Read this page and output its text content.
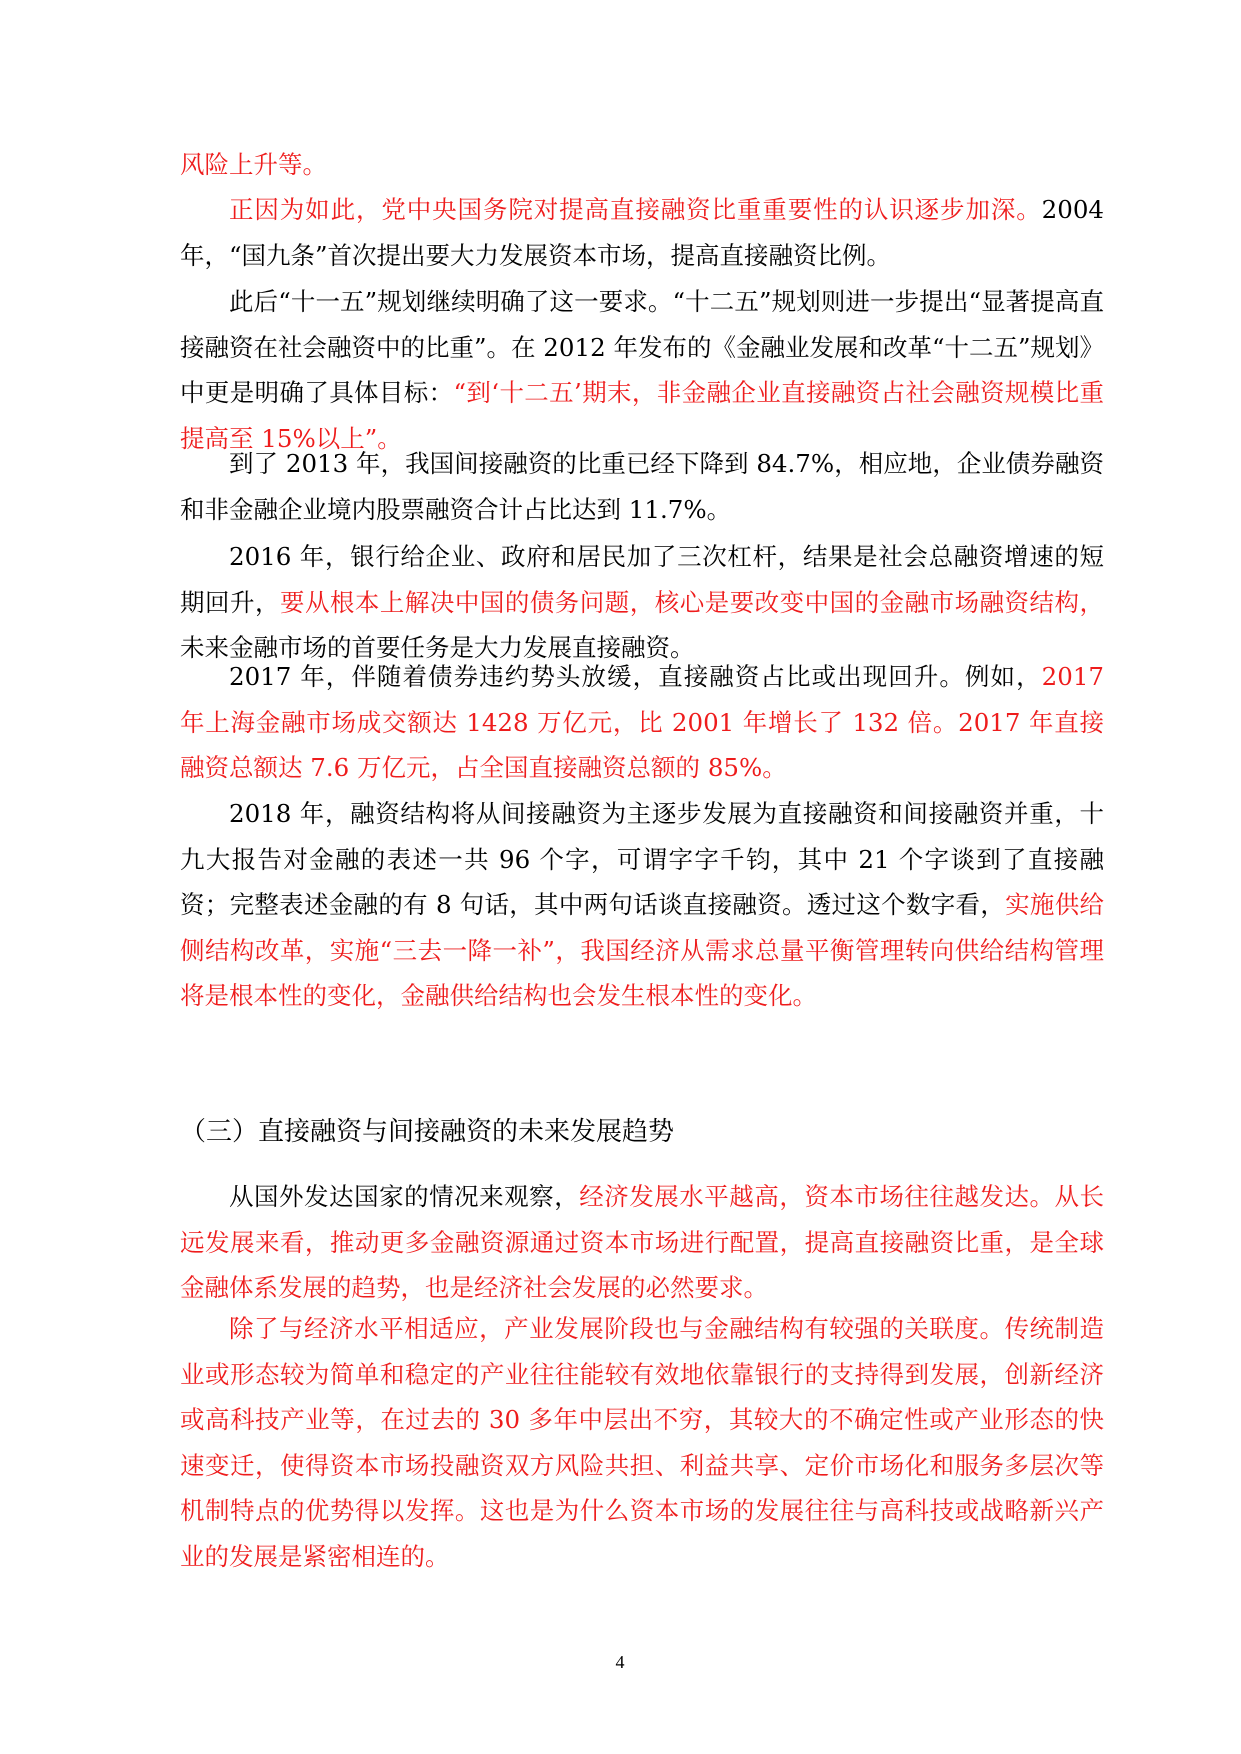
风险上升等。

正因为如此，党中央国务院对提高直接融资比重重要性的认识逐步加深。2004 年，“国九条”首次提出要大力发展资本市场，提高直接融资比例。

此后“十一五”规划继续明确了这一要求。“十二五”规划则进一步提出“显著提高直接融资在社会融资中的比重”。在 2012 年发布的《金融业发展和改革“十二五”规划》中更是明确了具体目标：“到‘十二五’期末，非金融企业直接融资占社会融资规模比重提高至 15%以上”。

到了 2013 年，我国间接融资的比重已经下降到 84.7%，相应地，企业债券融资和非金融企业境内股票融资合计占比达到 11.7%。

2016 年，银行给企业、政府和居民加了三次杠杆，结果是社会总融资增速的短期回升，要从根本上解决中国的债务问题，核心是要改变中国的金融市场融资结构，未来金融市场的首要任务是大力发展直接融资。

2017 年，伴随着债券违约势头放缓，直接融资占比或出现回升。例如，2017 年上海金融市场成交额达 1428 万亿元，比 2001 年增长了 132 倍。2017 年直接融资总额达 7.6 万亿元，占全国直接融资总额的 85%。

2018 年，融资结构将从间接融资为主逐步发展为直接融资和间接融资并重，十九大报告对金融的表述一共 96 个字，可谓字字千钧，其中 21 个字谈到了直接融资；完整表述金融的有 8 句话，其中两句话谈直接融资。透过这个数字看，实施供给侧结构改革，实施“三去一降一补”，我国经济从需求总量平衡管理转向供给结构管理将是根本性的变化，金融供给结构也会发生根本性的变化。

（三）直接融资与间接融资的未来发展趋势

从国外发达国家的情况来观察，经济发展水平越高，资本市场往往越发达。从长远发展来看，推动更多金融资源通过资本市场进行配置，提高直接融资比重，是全球金融体系发展的趋势，也是经济社会发展的必然要求。

除了与经济水平相适应，产业发展阶段也与金融结构有较强的关联度。传统制造业或形态较为简单和稳定的产业往往能较有效地依靠银行的支持得到发展，创新经济或高科技产业等，在过去的 30 多年中层出不穷，其较大的不确定性或产业形态的快速变迁，使得资本市场投融资双方风险共担、利益共享、定价市场化和服务多层次等机制特点的优势得以发挥。这也是为什么资本市场的发展往往与高科技或战略新兴产业的发展是紧密相连的。

4
